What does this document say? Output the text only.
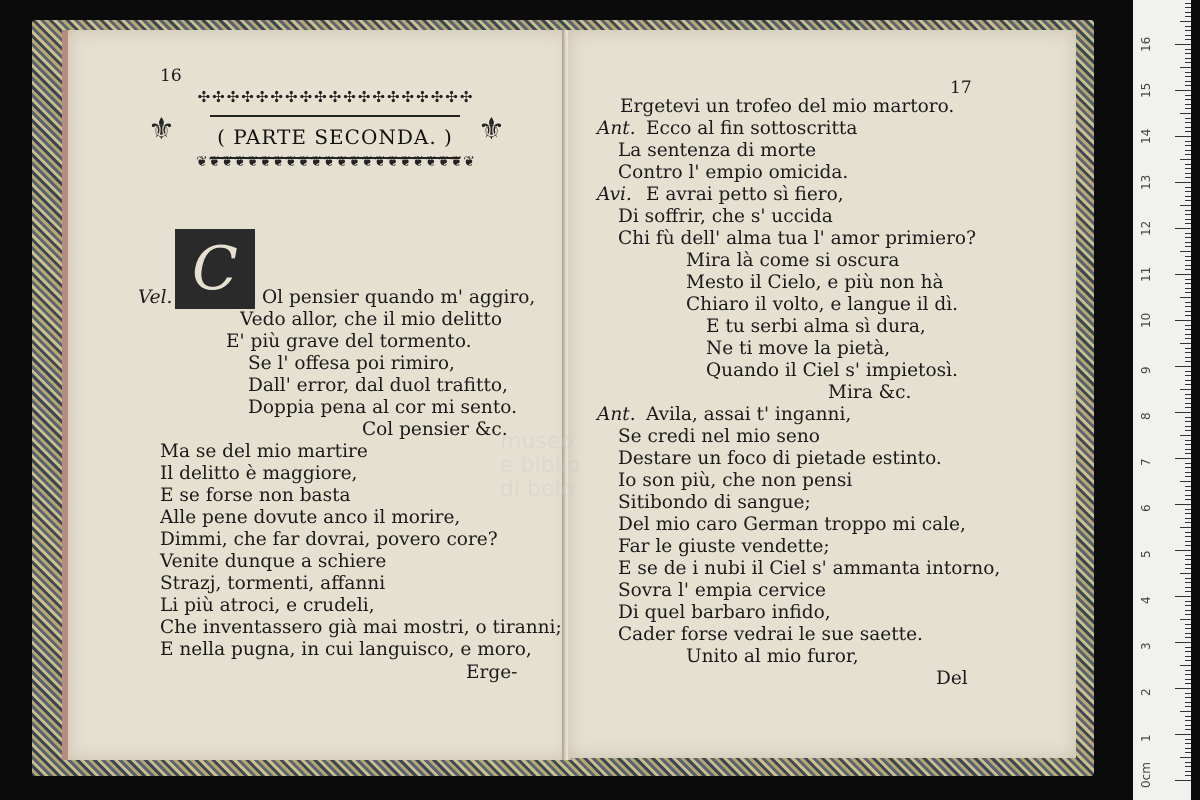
16
✣✣✣✣✣✣✣✣✣✣✣✣✣✣✣✣✣✣✣
⚜	( PARTE SECONDA. ) ⚜
❦❦❦❦❦❦❦❦❦❦❦❦❦❦❦❦❦❦❦❦❦❦
C
Vel.	Ol pensier quando m' aggiro,
Vedo allor, che il mio delitto
E' più grave del tormento.
Se l' offesa poi rimiro,
Dall' error, dal duol trafitto,
Doppia pena al cor mi sento.
Col pensier &c.
Ma se del mio martire
Il delitto è maggiore,
E se forse non basta
Alle pene dovute anco il morire,
Dimmi, che far dovrai, povero core?
Venite dunque a schiere
Strazj, tormenti, affanni
Li più atroci, e crudeli,
Che inventassero già mai mostri, o tiranni;
E nella pugna, in cui languisco, e moro,
Erge-
17
Ergetevi un trofeo del mio martoro.
Ant. Ecco al fin sottoscritta
La sentenza di morte
Contro l' empio omicida.
Avi. E avrai petto sì fiero,
Di soffrir, che s' uccida
Chi fù dell' alma tua l' amor primiero?
Mira là come si oscura
Mesto il Cielo, e più non hà
Chiaro il volto, e langue il dì.
E tu serbi alma sì dura,
Ne ti move la pietà,
Quando il Ciel s' impietosì.
Mira &c.
Ant. Avila, assai t' inganni,
Se credi nel mio seno
Destare un foco di pietade estinto.
Io son più, che non pensi
Sitibondo di sangue;
Del mio caro German troppo mi cale,
Far le giuste vendette;
E se de i nubi il Ciel s' ammanta intorno,
Sovra l' empia cervice
Di quel barbaro infido,
Cader forse vedrai le sue saette.
Unito al mio furor,
Del
museo
e biblio
di bolo
0cm
1
2
3
4
5
6
7
8
9
10
11
12
13
14
15
16
